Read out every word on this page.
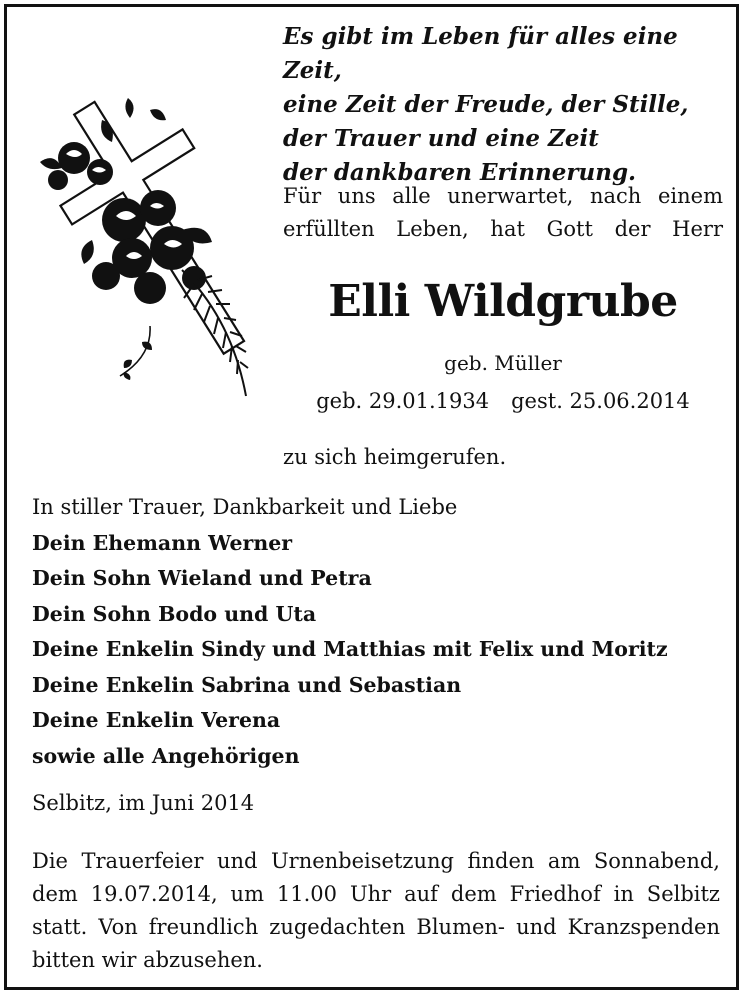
Es gibt im Leben für alles eine Zeit,
eine Zeit der Freude, der Stille,
der Trauer und eine Zeit
der dankbaren Erinnerung.
Für uns alle unerwartet, nach einem
erfüllten Leben, hat Gott der Herr
Elli Wildgrube
geb. Müller
geb. 29.01.1934 gest. 25.06.2014
zu sich heimgerufen.
In stiller Trauer, Dankbarkeit und Liebe
Dein Ehemann Werner
Dein Sohn Wieland und Petra
Dein Sohn Bodo und Uta
Deine Enkelin Sindy und Matthias mit Felix und Moritz
Deine Enkelin Sabrina und Sebastian
Deine Enkelin Verena
sowie alle Angehörigen
Selbitz, im Juni 2014
Die Trauerfeier und Urnenbeisetzung finden am Sonnabend, dem 19.07.2014, um 11.00 Uhr auf dem Friedhof in Selbitz statt. Von freundlich zugedachten Blumen- und Kranzspenden bitten wir abzusehen.
